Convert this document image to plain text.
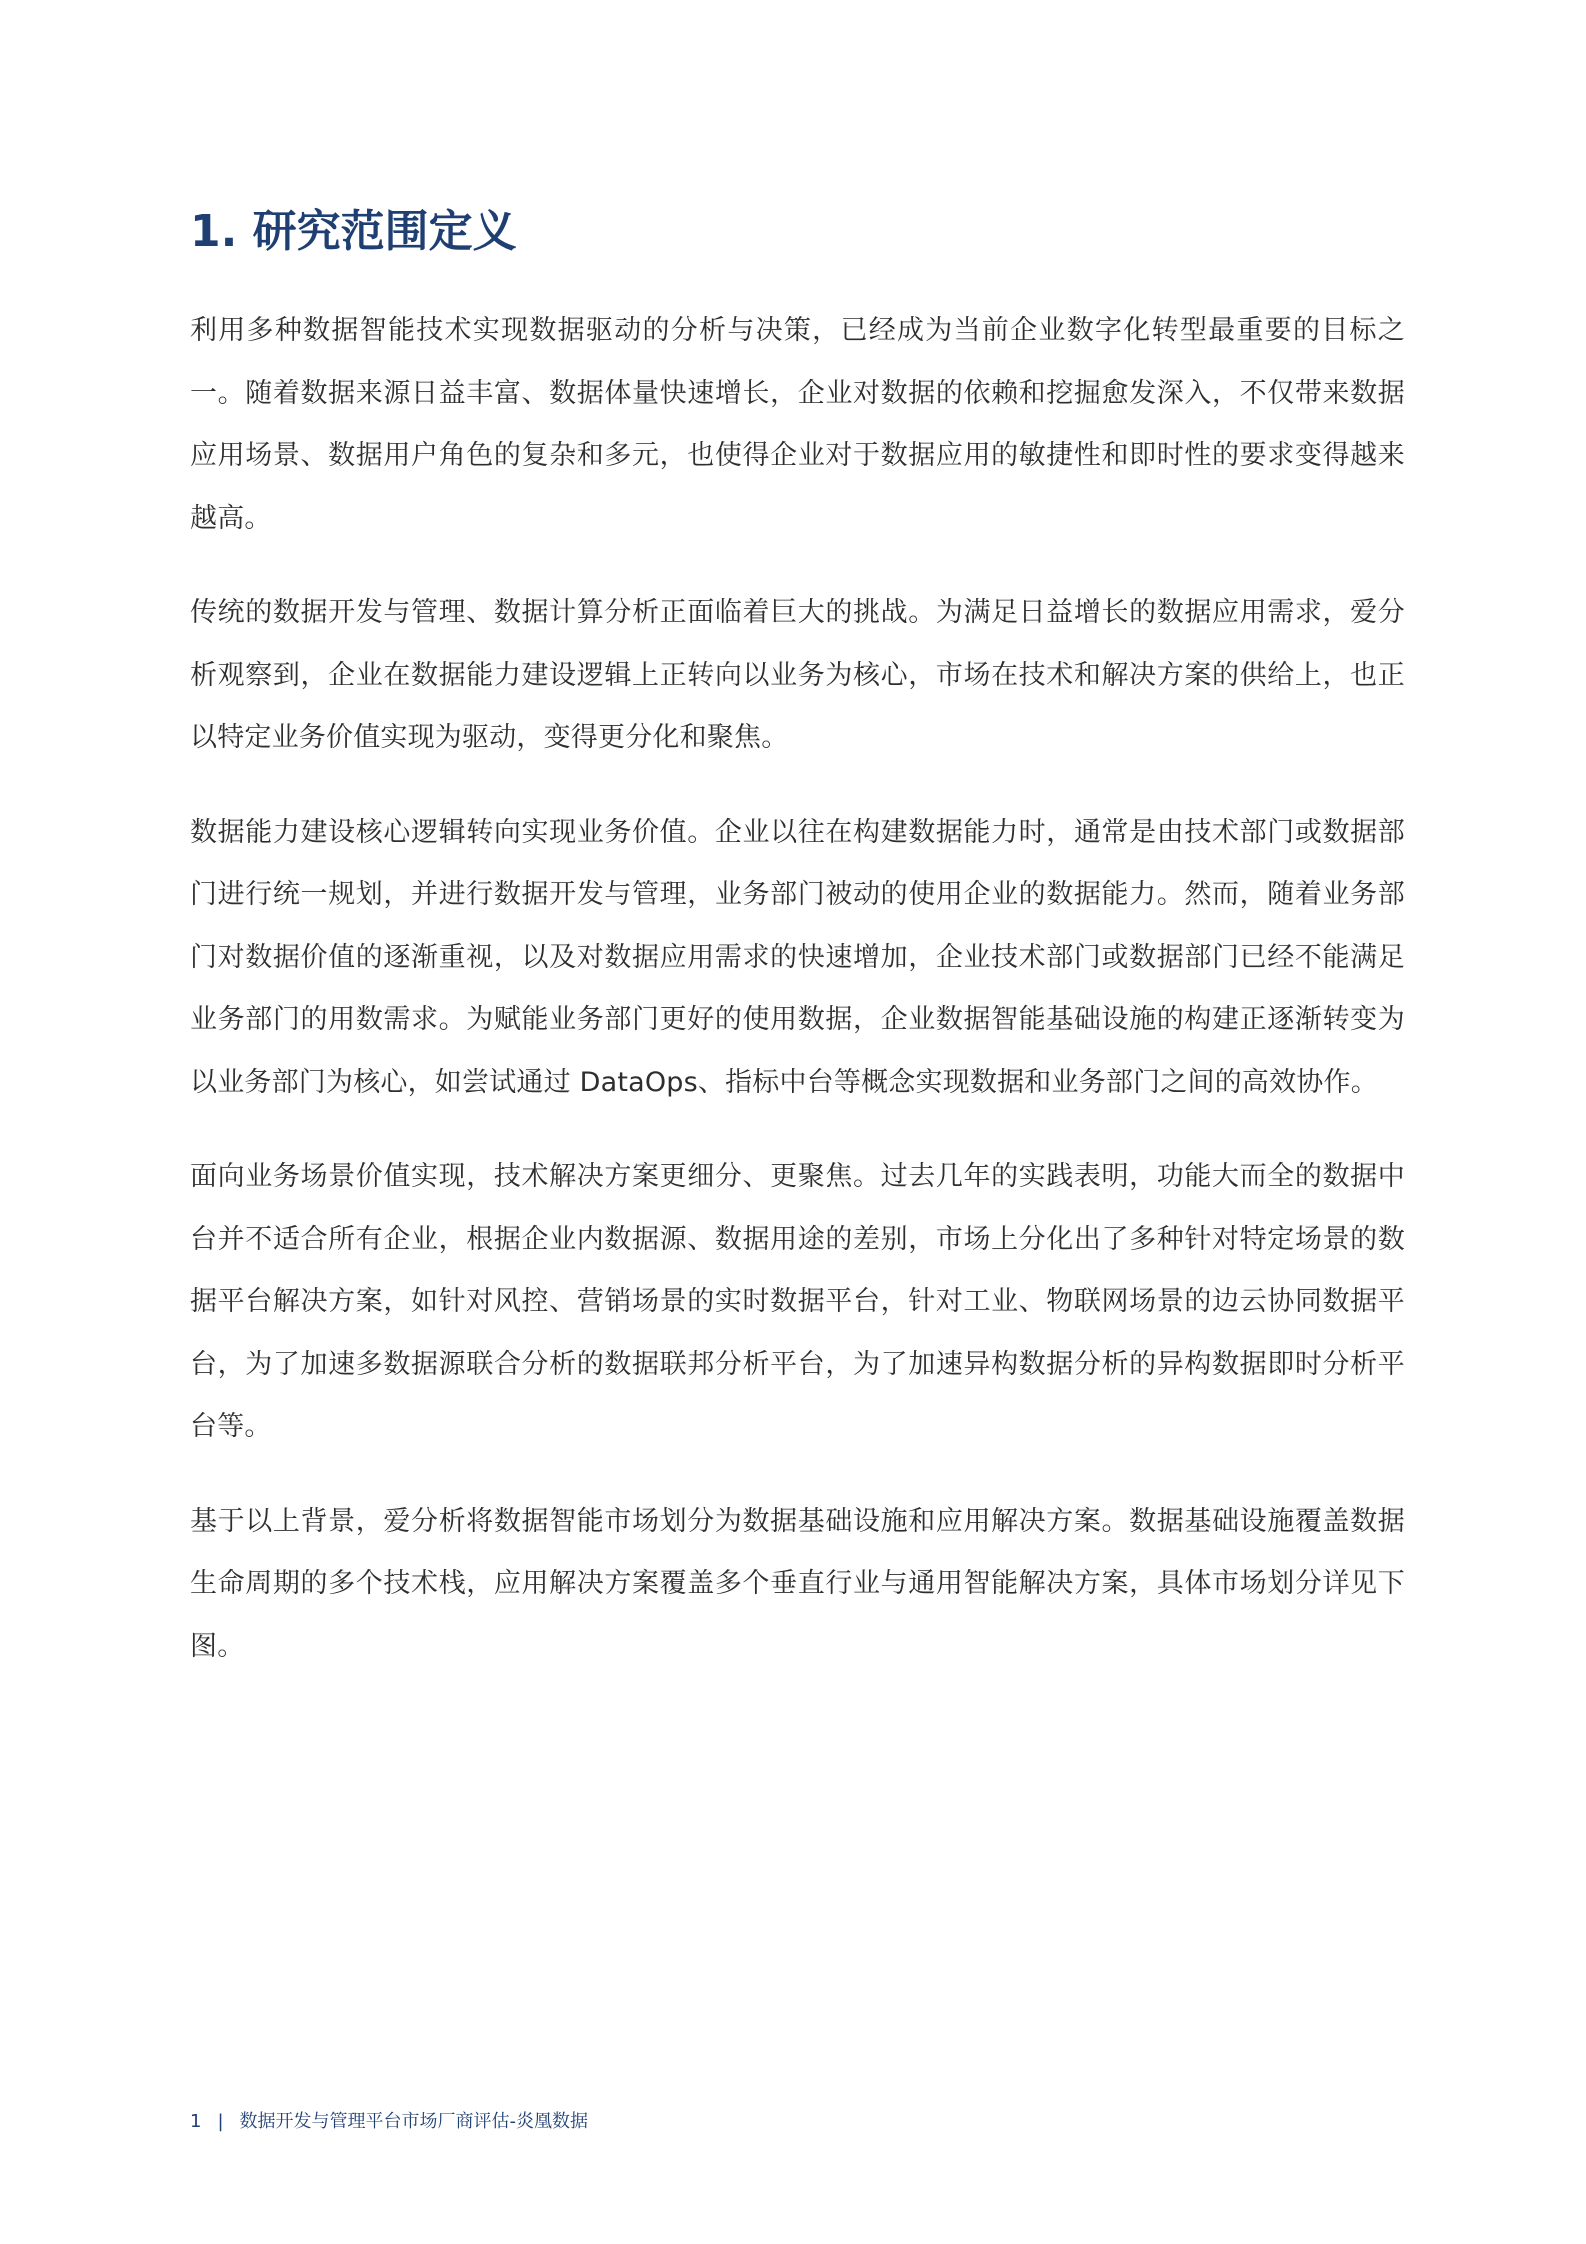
1. 研究范围定义

利用多种数据智能技术实现数据驱动的分析与决策，已经成为当前企业数字化转型最重要的目标之一。随着数据来源日益丰富、数据体量快速增长，企业对数据的依赖和挖掘愈发深入，不仅带来数据应用场景、数据用户角色的复杂和多元，也使得企业对于数据应用的敏捷性和即时性的要求变得越来越高。

传统的数据开发与管理、数据计算分析正面临着巨大的挑战。为满足日益增长的数据应用需求，爱分析观察到，企业在数据能力建设逻辑上正转向以业务为核心，市场在技术和解决方案的供给上，也正以特定业务价值实现为驱动，变得更分化和聚焦。

数据能力建设核心逻辑转向实现业务价值。企业以往在构建数据能力时，通常是由技术部门或数据部门进行统一规划，并进行数据开发与管理，业务部门被动的使用企业的数据能力。然而，随着业务部门对数据价值的逐渐重视，以及对数据应用需求的快速增加，企业技术部门或数据部门已经不能满足业务部门的用数需求。为赋能业务部门更好的使用数据，企业数据智能基础设施的构建正逐渐转变为以业务部门为核心，如尝试通过 DataOps、指标中台等概念实现数据和业务部门之间的高效协作。

面向业务场景价值实现，技术解决方案更细分、更聚焦。过去几年的实践表明，功能大而全的数据中台并不适合所有企业，根据企业内数据源、数据用途的差别，市场上分化出了多种针对特定场景的数据平台解决方案，如针对风控、营销场景的实时数据平台，针对工业、物联网场景的边云协同数据平台，为了加速多数据源联合分析的数据联邦分析平台，为了加速异构数据分析的异构数据即时分析平台等。

基于以上背景，爱分析将数据智能市场划分为数据基础设施和应用解决方案。数据基础设施覆盖数据生命周期的多个技术栈，应用解决方案覆盖多个垂直行业与通用智能解决方案，具体市场划分详见下图。

1 | 数据开发与管理平台市场厂商评估-炎凰数据
